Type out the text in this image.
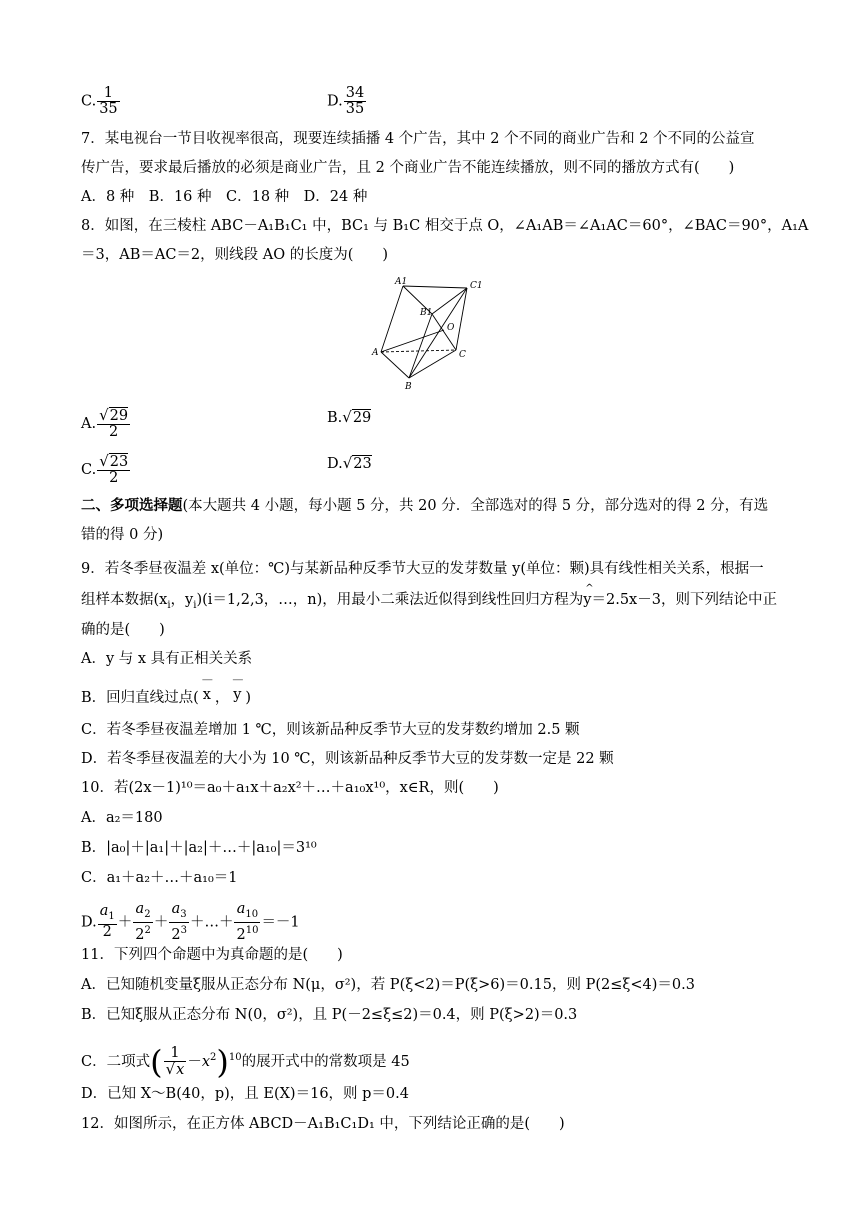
C. $\frac{1}{35}$	D. $\frac{34}{35}$
7．某电视台一节目收视率很高，现要连续插播 4 个广告，其中 2 个不同的商业广告和 2 个不同的公益宣
传广告，要求最后播放的必须是商业广告，且 2 个商业广告不能连续播放，则不同的播放方式有(　　)
A．8 种　B．16 种　C．18 种　D．24 种
8．如图，在三棱柱 ABC－A₁B₁C₁ 中，BC₁ 与 B₁C 相交于点 O，∠A₁AB＝∠A₁AC＝60°，∠BAC＝90°，A₁A
＝3，AB＝AC＝2，则线段 AO 的长度为(　　)
A1	C1
B1
O
A	C
B
A. $\frac{√29}{2}$	B.√29
C. $\frac{√23}{2}$	D.√23
二、多项选择题(本大题共 4 小题，每小题 5 分，共 20 分．全部选对的得 5 分，部分选对的得 2 分，有选
错的得 0 分)
9．若冬季昼夜温差 x(单位：℃)与某新品种反季节大豆的发芽数量 y(单位：颗)具有线性相关关系，根据一
组样本数据($x_i$，$y_i)(i=1,2,3$，…，n)，用最小二乘法近似得到线性回归方程为^ y＝2.5x－3，则下列结论中正
确的是(　　)
A．y 与 x 具有正相关关系
B．回归直线过点( — x ， — y )
C．若冬季昼夜温差增加 1 ℃，则该新品种反季节大豆的发芽数约增加 2.5 颗
D．若冬季昼夜温差的大小为 10 ℃，则该新品种反季节大豆的发芽数一定是 22 颗
10．若(2x－1)¹⁰＝a₀＋a₁x＋a₂x²＋…＋a₁₀x¹⁰，x∈R，则(　　)
A．a₂＝180
B．|a₀|＋|a₁|＋|a₂|＋…＋|a₁₀|＝3¹⁰
C．a₁＋a₂＋…＋a₁₀＝1
D. $\frac{a_1}{2} + \frac{a_2}{2^2} + \frac{a_3}{2^3}$ ＋…＋ $\frac{a_{10}}{2^{10}} =-1$
11．下列四个命题中为真命题的是(　　)
A．已知随机变量ξ服从正态分布 N(μ，σ²)，若 P(ξ<2)＝P(ξ>6)＝0.15，则 P(2≤ξ<4)＝0.3
B．已知ξ服从正态分布 N(0，σ²)，且 P(－2≤ξ≤2)＝0.4，则 P(ξ>2)＝0.3
C．二项式( $\frac{1}{√x} -x^2)^{10}$的展开式中的常数项是 45
D．已知 X～B(40，p)，且 E(X)＝16，则 p＝0.4
12．如图所示，在正方体 ABCD－A₁B₁C₁D₁ 中，下列结论正确的是(　　)
